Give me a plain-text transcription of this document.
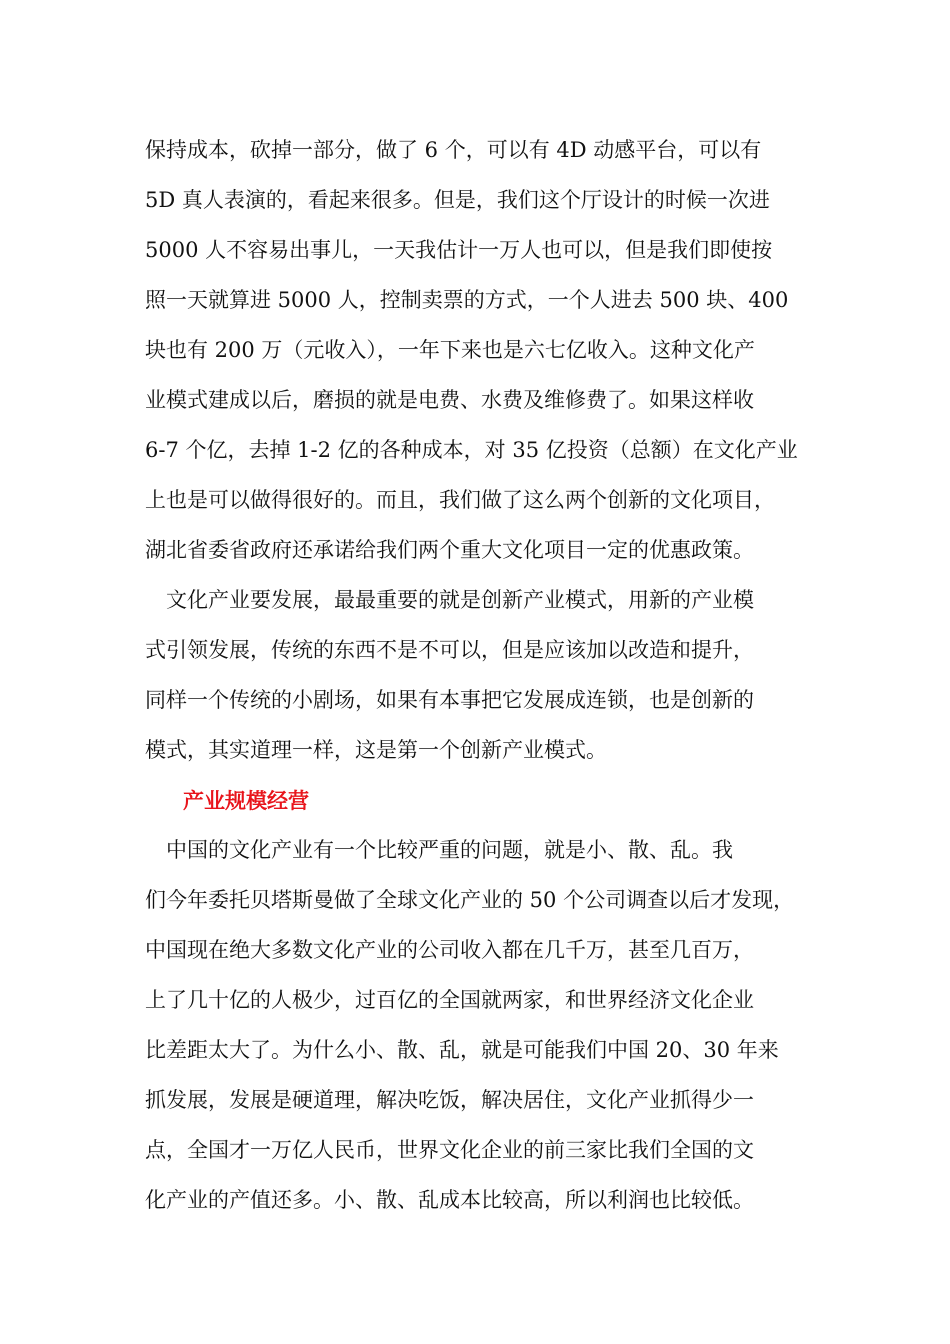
保持成本，砍掉一部分，做了 6 个，可以有 4D 动感平台，可以有
5D 真人表演的，看起来很多。但是，我们这个厅设计的时候一次进
5000 人不容易出事儿，一天我估计一万人也可以，但是我们即使按
照一天就算进 5000 人，控制卖票的方式，一个人进去 500 块、400
块也有 200 万（元收入），一年下来也是六七亿收入。这种文化产
业模式建成以后，磨损的就是电费、水费及维修费了。如果这样收
6-7 个亿，去掉 1-2 亿的各种成本，对 35 亿投资（总额）在文化产业
上也是可以做得很好的。而且，我们做了这么两个创新的文化项目，
湖北省委省政府还承诺给我们两个重大文化项目一定的优惠政策。
　文化产业要发展，最最重要的就是创新产业模式，用新的产业模
式引领发展，传统的东西不是不可以，但是应该加以改造和提升，
同样一个传统的小剧场，如果有本事把它发展成连锁，也是创新的
模式，其实道理一样，这是第一个创新产业模式。
产业规模经营
　中国的文化产业有一个比较严重的问题，就是小、散、乱。我
们今年委托贝塔斯曼做了全球文化产业的 50 个公司调查以后才发现，
中国现在绝大多数文化产业的公司收入都在几千万，甚至几百万，
上了几十亿的人极少，过百亿的全国就两家，和世界经济文化企业
比差距太大了。为什么小、散、乱，就是可能我们中国 20、30 年来
抓发展，发展是硬道理，解决吃饭，解决居住，文化产业抓得少一
点，全国才一万亿人民币，世界文化企业的前三家比我们全国的文
化产业的产值还多。小、散、乱成本比较高，所以利润也比较低。
